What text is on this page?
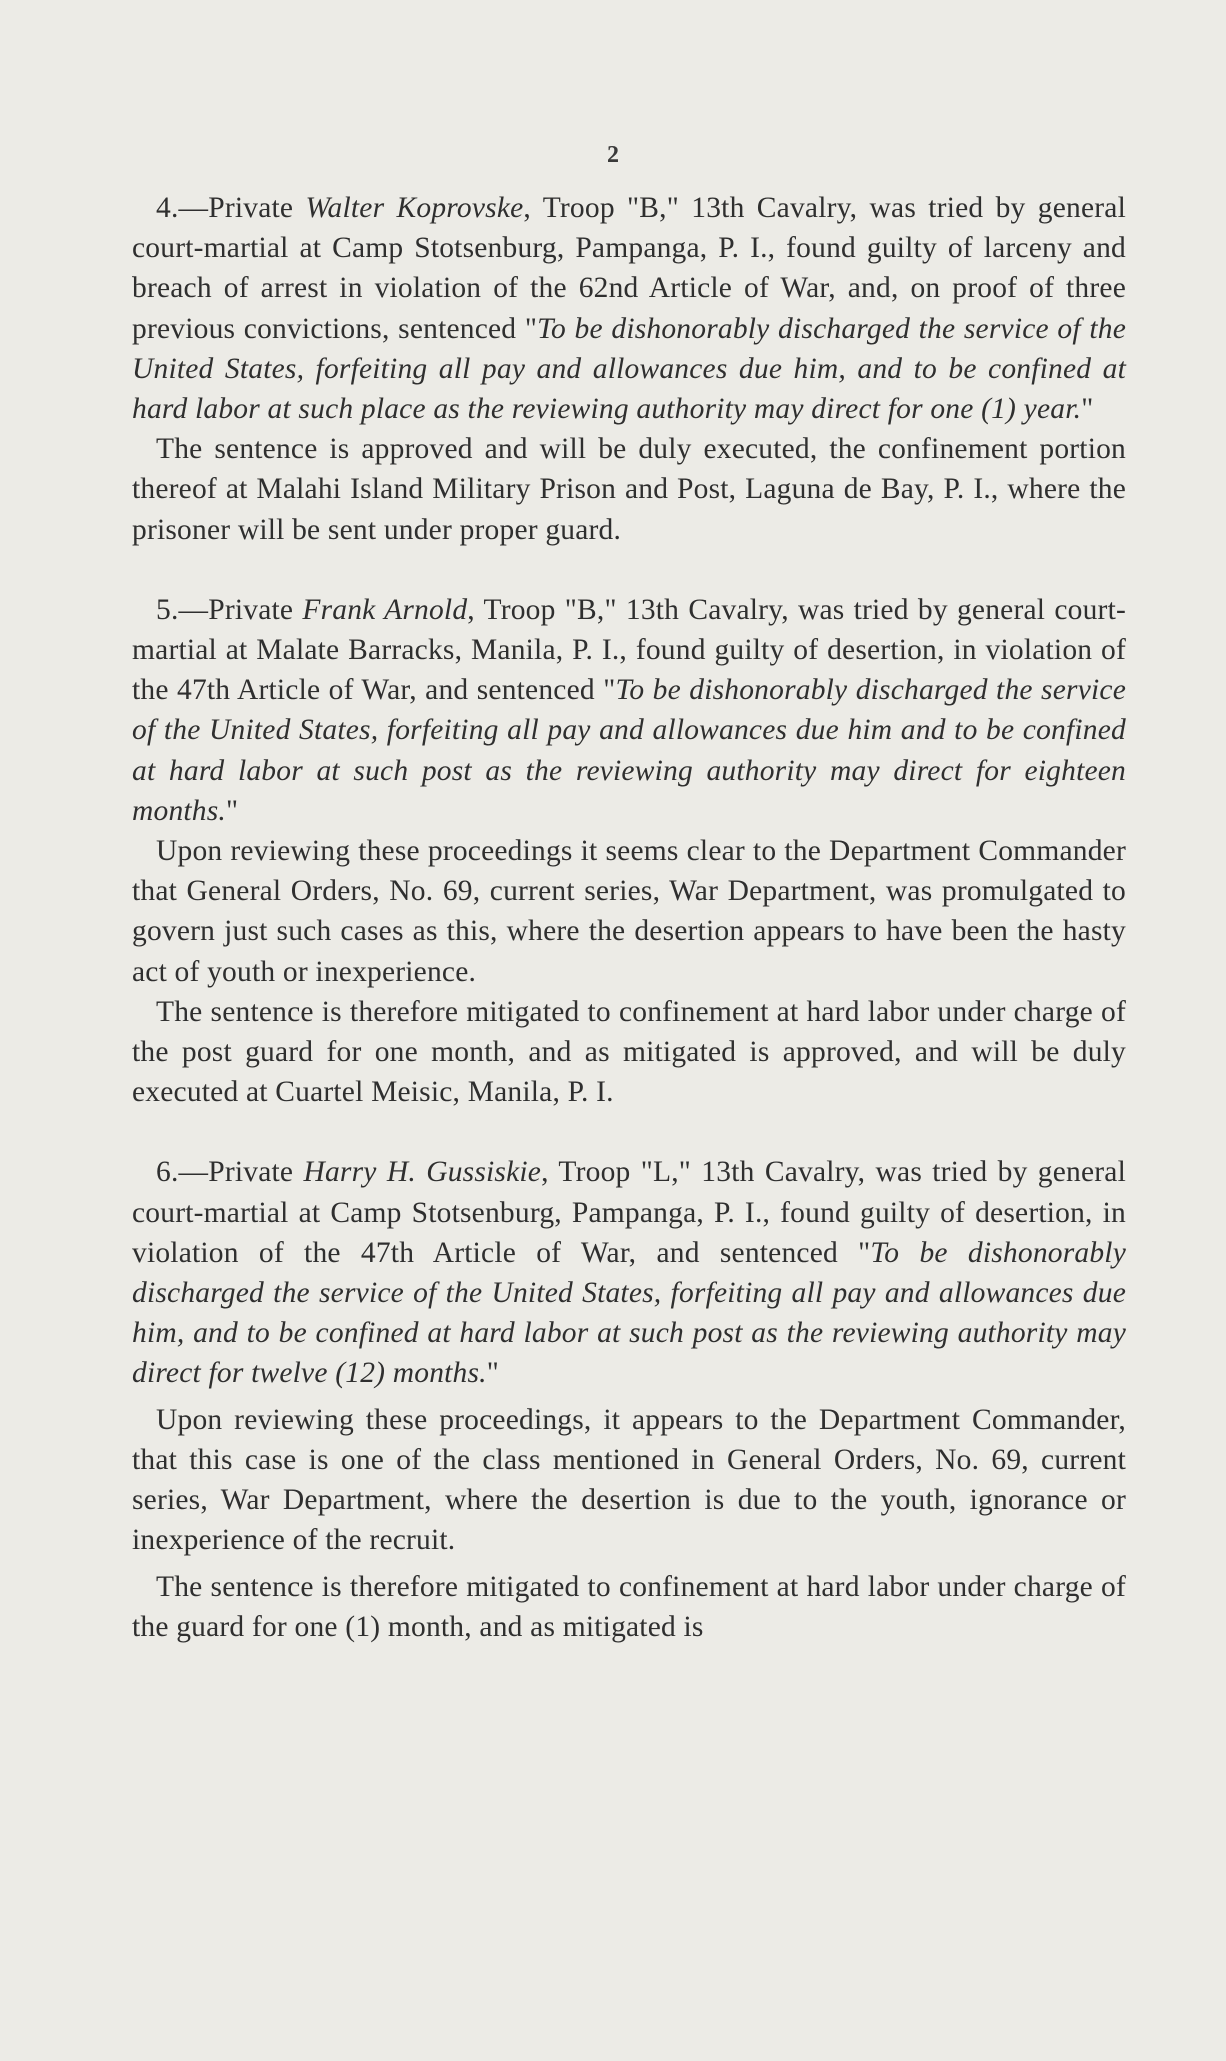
2

4.—Private Walter Koprovske, Troop "B," 13th Cavalry, was tried by general court-martial at Camp Stotsenburg, Pampanga, P. I., found guilty of larceny and breach of arrest in violation of the 62nd Article of War, and, on proof of three previous convictions, sentenced "To be dishonorably discharged the service of the United States, forfeiting all pay and allowances due him, and to be confined at hard labor at such place as the reviewing authority may direct for one (1) year."

The sentence is approved and will be duly executed, the confinement portion thereof at Malahi Island Military Prison and Post, Laguna de Bay, P. I., where the prisoner will be sent under proper guard.

5.—Private Frank Arnold, Troop "B," 13th Cavalry, was tried by general court-martial at Malate Barracks, Manila, P. I., found guilty of desertion, in violation of the 47th Article of War, and sentenced "To be dishonorably discharged the service of the United States, forfeiting all pay and allowances due him and to be confined at hard labor at such post as the reviewing authority may direct for eighteen months."

Upon reviewing these proceedings it seems clear to the Department Commander that General Orders, No. 69, current series, War Department, was promulgated to govern just such cases as this, where the desertion appears to have been the hasty act of youth or inexperience.

The sentence is therefore mitigated to confinement at hard labor under charge of the post guard for one month, and as mitigated is approved, and will be duly executed at Cuartel Meisic, Manila, P. I.

6.—Private Harry H. Gussiskie, Troop "L," 13th Cavalry, was tried by general court-martial at Camp Stotsenburg, Pampanga, P. I., found guilty of desertion, in violation of the 47th Article of War, and sentenced "To be dishonorably discharged the service of the United States, forfeiting all pay and allowances due him, and to be confined at hard labor at such post as the reviewing authority may direct for twelve (12) months."

Upon reviewing these proceedings, it appears to the Department Commander, that this case is one of the class mentioned in General Orders, No. 69, current series, War Department, where the desertion is due to the youth, ignorance or inexperience of the recruit.

The sentence is therefore mitigated to confinement at hard labor under charge of the guard for one (1) month, and as mitigated is
